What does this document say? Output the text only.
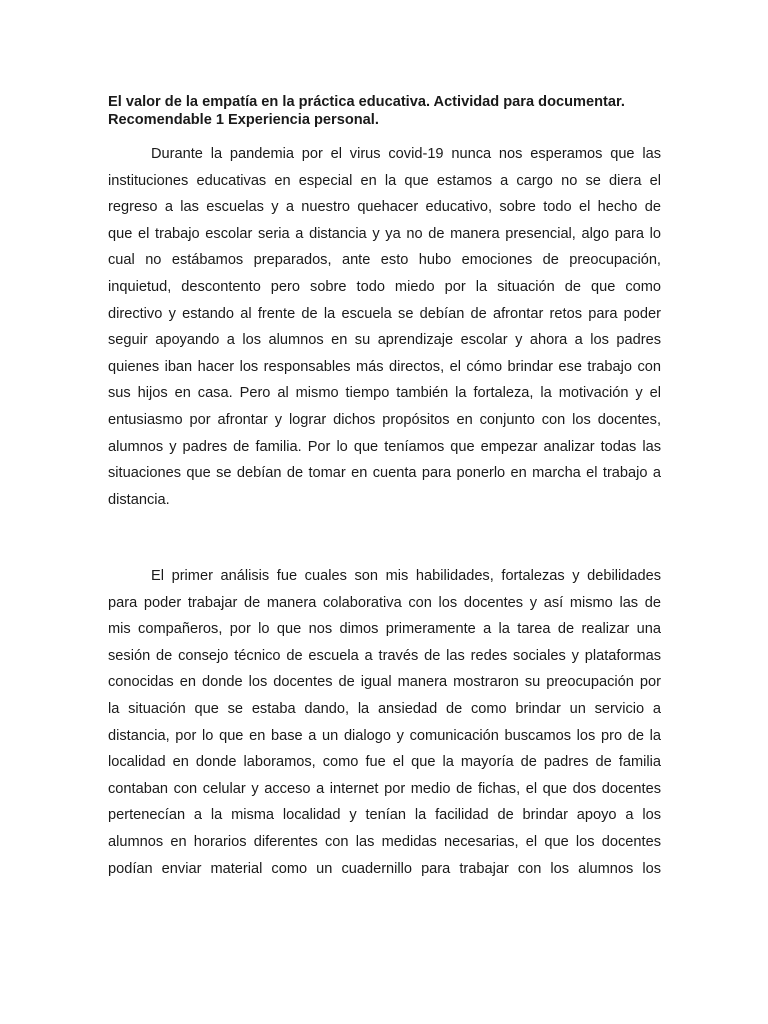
El valor de la empatía en la práctica educativa. Actividad para documentar.
Recomendable 1 Experiencia personal.

Durante la pandemia por el virus covid-19 nunca nos esperamos que las
instituciones educativas en especial en la que estamos a cargo no se diera el
regreso a las escuelas y a nuestro quehacer educativo, sobre todo el hecho de
que el trabajo escolar seria a distancia y ya no de manera presencial, algo para lo
cual no estábamos preparados, ante esto hubo emociones de preocupación,
inquietud, descontento pero sobre todo miedo por la situación de que como
directivo y estando al frente de la escuela se debían de afrontar retos para poder
seguir apoyando a los alumnos en su aprendizaje escolar y ahora a los padres
quienes iban hacer los responsables más directos, el cómo brindar ese trabajo con
sus hijos en casa. Pero al mismo tiempo también la fortaleza, la motivación y el
entusiasmo por afrontar y lograr dichos propósitos en conjunto con los docentes,
alumnos y padres de familia. Por lo que teníamos que empezar analizar todas las
situaciones que se debían de tomar en cuenta para ponerlo en marcha el trabajo a
distancia.

El primer análisis fue cuales son mis habilidades, fortalezas y debilidades
para poder trabajar de manera colaborativa con los docentes y así mismo las de
mis compañeros, por lo que nos dimos primeramente a la tarea de realizar una
sesión de consejo técnico de escuela a través de las redes sociales y plataformas
conocidas en donde los docentes de igual manera mostraron su preocupación por
la situación que se estaba dando, la ansiedad de como brindar un servicio a
distancia, por lo que en base a un dialogo y comunicación buscamos los pro de la
localidad en donde laboramos, como fue el que la mayoría de padres de familia
contaban con celular y acceso a internet por medio de fichas, el que dos docentes
pertenecían a la misma localidad y tenían la facilidad de brindar apoyo a los
alumnos en horarios diferentes con las medidas necesarias, el que los docentes
podían enviar material como un cuadernillo para trabajar con los alumnos los
